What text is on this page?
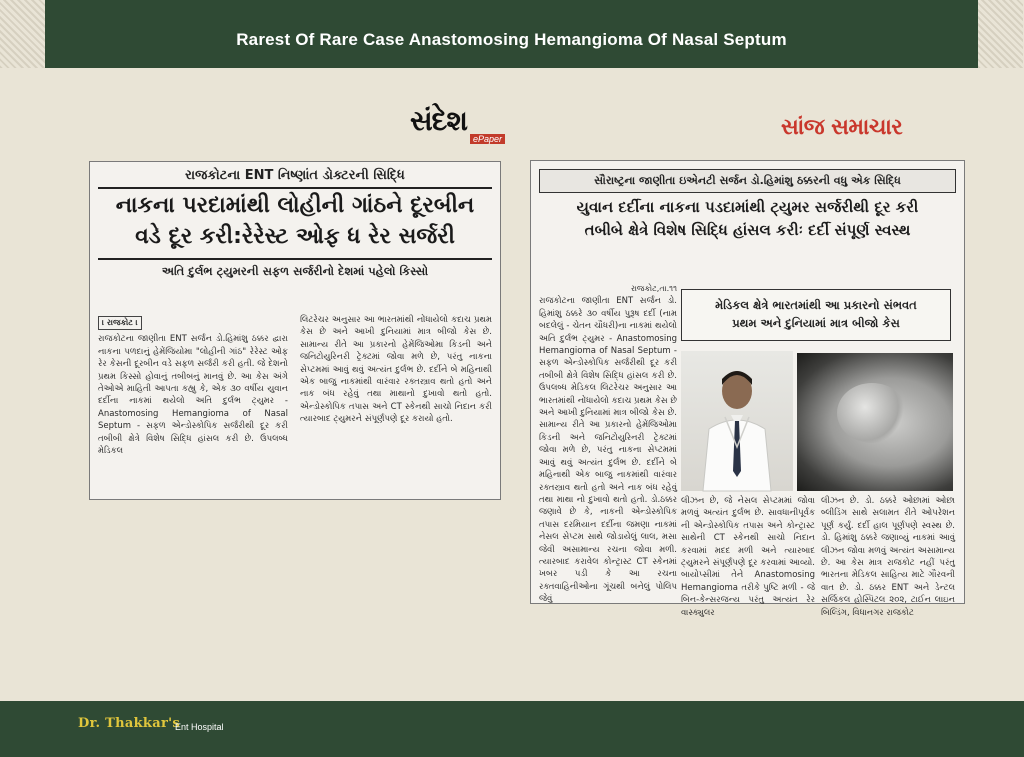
Rarest Of Rare Case Anastomosing Hemangioma Of Nasal Septum
સંદેશ
ePaper	સાંજ સમાચાર
રાજકોટના ENT નિષ્ણાંત ડોક્ટરની સિદ્ધિ
નાકના પરદામાંથી લોહીની ગાંઠને દૂરબીન
વડે દૂર કરી:રેરેસ્ટ ઓફ ધ રેર સર્જરી
અતિ દુર્લભ ટ્યુમરની સફળ સર્જરીનો દેશમાં પહેલો કિસ્સો
। રાજકોટ ।

રાજકોટના જાણીતા ENT સર્જન ડો.હિમાંશુ ઠક્કર દ્વારા નાકના પળદાનું હેમેંજિયોમા "લોહીની ગાંઠ" રેરેસ્ટ ઓફ રેર કેસની દૂરબીન વડે સફળ સર્જરી કરી હતી. જે દેશનો પ્રથમ કિસ્સો હોવાનું તબીબનું માનવું છે. આ કેસ અંગે તેઓએ માહિતી આપતા કહ્યુ કે, એક ૩૦ વર્ષીય યુવાન દર્દીના નાકમાં થયેલો અતિ દુર્લભ ટ્યુમર - Anastomosing Hemangioma of Nasal Septum - સફળ એન્ડોસ્કોપિક સર્જરીથી દૂર કરી તબીબી ક્ષેત્રે વિશેષ સિદ્ધિ હાંસલ કરી છે. ઉપલબ્ધ મેડિકલ

લિટરેચર અનુસાર આ ભારતમાંથી નોંધાયેલો કદાચ પ્રથમ કેસ છે અને આખી દુનિયામાં માત્ર બીજો કેસ છે. સામાન્ય રીતે આ પ્રકારનો હેમેંજિઓમા કિડની અને જનિટોયુરિનરી ટ્રેક્ટમાં જોવા મળે છે, પરંતુ નાકના સેપ્ટમમાં આવું થવું અત્યંત દુર્લભ છે. દર્દીને બે મહિનાથી એક બાજુ નાકમાંથી વારંવાર રક્તસ્ત્રાવ થતો હતો અને નાક બંધ રહેવું તથા માથાનો દુખાવો થતો હતો. એન્ડોસ્કોપિક તપાસ અને CT સ્કેનથી સાચો નિદાન કરી ત્યારબાદ ટ્યુમરને સંપૂર્ણપણે દૂર કરાયો હતો.

સૌરાષ્ટ્રના જાણીતા ઇએનટી સર્જન ડો.હિમાંશુ ઠક્કરની વધુ એક સિદ્ધિ
યુવાન દર્દીના નાકના પડદામાંથી ટ્યુમર સર્જરીથી દૂર કરી
તબીબે ક્ષેત્રે વિશેષ સિદ્ધિ હાંસલ કરીઃ દર્દી સંપૂર્ણ સ્વસ્થ
રાજકોટ,તા.૧૧

રાજકોટના જાણીતા ENT સર્જન ડો. હિમાંશુ ઠક્કરે ૩૦ વર્ષીય પુરૂષ દર્દી (નામ બદલેલું - ચેતન ચૌધરી)ના નાકમાં થયેલો અતિ દુર્લભ ટ્યુમર - Anastomosing Hemangioma of Nasal Septum - સફળ એન્ડોસ્કોપિક સર્જરીથી દૂર કરી તબીબી ક્ષેત્રે વિશેષ સિદ્ધિ હાંસલ કરી છે. ઉપલબ્ધ મેડિકલ લિટરેચર અનુસાર આ ભારતમાંથી નોંધાયેલો કદાચ પ્રથમ કેસ છે અને આખી દુનિયામાં માત્ર બીજો કેસ છે. સામાન્ય રીતે આ પ્રકારનો હેમેંજિઓમા કિડની અને જનિટોયુરિનરી ટ્રેક્ટમાં જોવા મળે છે, પરંતુ નાકના સેપ્ટમમાં આવું થવું અત્યંત દુર્લભ છે. દર્દીને બે મહિનાથી એક બાજુ નાકમાંથી વારંવાર રક્તસ્ત્રાવ થતો હતો અને નાક બંધ રહેવું તથા માથા નો દુખાવો થતો હતો. ડો.ઠક્કર જણાવે છે કે, નાકની એન્ડોસ્કોપિક તપાસ દરમિયાન દર્દીના જમણા નાકમાં નેસલ સેપ્ટમ સાથે જોડાયેલું લાલ, મસા જેવી અસામાન્ય રચના જોવા મળી. ત્યારબાદ કરાવેલ કોન્ટ્રાસ્ટ CT સ્કેનમાં ખબર પડી કે આ રચના રક્તવાહિનીઓના ગૂંચથી બનેલું પોલિપ જેવું

મેડિકલ ક્ષેત્રે ભારતમાંથી આ પ્રકારનો સંભવત
પ્રથમ અને દુનિયામાં માત્ર બીજો કેસ

લીઝન છે, જે નેસલ સેપ્ટમમાં જોવા મળવું અત્યંત દુર્લભ છે. સાવધાનીપૂર્વક ની એન્ડોસ્કોપિક તપાસ અને કોન્ટ્રાસ્ટ સાથેની CT સ્કેનથી સાચો નિદાન કરવામાં મદદ મળી અને ત્યારબાદ ટ્યુમરને સંપૂર્ણપણે દૂર કરવામાં આવ્યો. બાયોપ્સીમાં તેને Anastomosing Hemangioma તરીકે પુષ્ટિ મળી - જે બિન-કેન્સરજન્ય પરંતુ અત્યંત રેર વાસ્ક્યુલર

લીઝન છે. ડો. ઠક્કરે ઓછામાં ઓછા બ્લીડિંગ સાથે સલામત રીતે ઓપરેશન પૂર્ણ કર્યું. દર્દી હાલ પૂર્ણપણે સ્વસ્થ છે. ડો. હિમાંશુ ઠક્કરે જણાવ્યું નાકમાં આવું લીઝન જોવા મળવું અત્યંત અસામાન્ય છે. આ કેસ માત્ર રાજકોટ નહીં પરંતુ ભારતના મેડિકલ સાહિત્ય માટે ગૌરવની વાત છે. ડો. ઠક્કર ENT અને ડેન્ટલ સર્જિકલ હોસ્પિટલ ૨૦૨, ટાઈન લાઇન બિલ્ડિંગ, વિધાનગર રાજકોટ

Dr. Thakkar's
Ent Hospital
